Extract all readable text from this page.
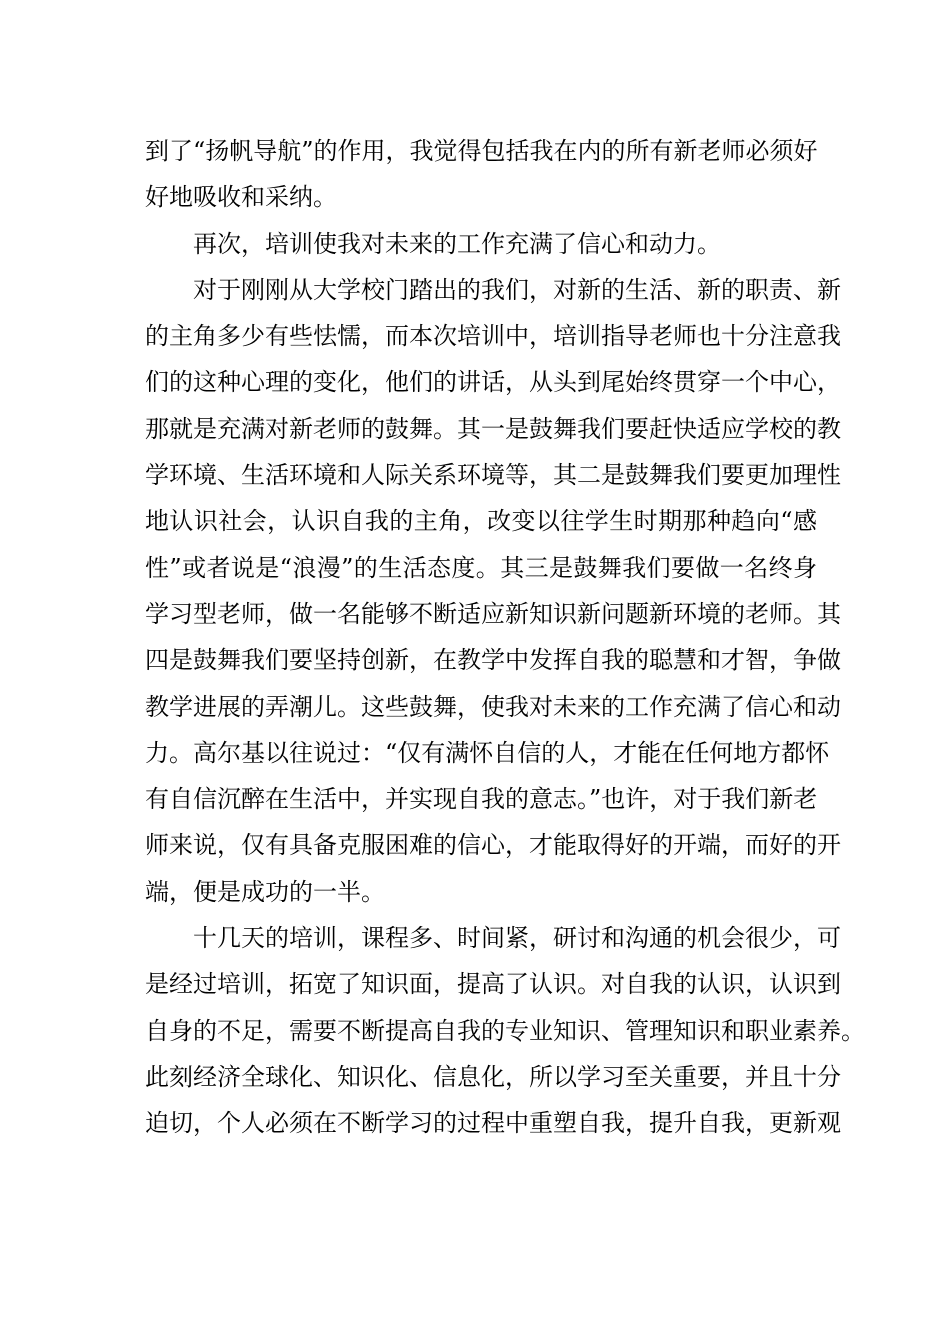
到了“扬帆导航”的作用，我觉得包括我在内的所有新老师必须好
好地吸收和采纳。
再次，培训使我对未来的工作充满了信心和动力。
对于刚刚从大学校门踏出的我们，对新的生活、新的职责、新
的主角多少有些怯懦，而本次培训中，培训指导老师也十分注意我
们的这种心理的变化，他们的讲话，从头到尾始终贯穿一个中心，
那就是充满对新老师的鼓舞。其一是鼓舞我们要赶快适应学校的教
学环境、生活环境和人际关系环境等，其二是鼓舞我们要更加理性
地认识社会，认识自我的主角，改变以往学生时期那种趋向“感
性”或者说是“浪漫”的生活态度。其三是鼓舞我们要做一名终身
学习型老师，做一名能够不断适应新知识新问题新环境的老师。其
四是鼓舞我们要坚持创新，在教学中发挥自我的聪慧和才智，争做
教学进展的弄潮儿。这些鼓舞，使我对未来的工作充满了信心和动
力。高尔基以往说过：“仅有满怀自信的人，才能在任何地方都怀
有自信沉醉在生活中，并实现自我的意志。”也许，对于我们新老
师来说，仅有具备克服困难的信心，才能取得好的开端，而好的开
端，便是成功的一半。
十几天的培训，课程多、时间紧，研讨和沟通的机会很少，可
是经过培训，拓宽了知识面，提高了认识。对自我的认识，认识到
自身的不足，需要不断提高自我的专业知识、管理知识和职业素养。
此刻经济全球化、知识化、信息化，所以学习至关重要，并且十分
迫切，个人必须在不断学习的过程中重塑自我，提升自我，更新观
